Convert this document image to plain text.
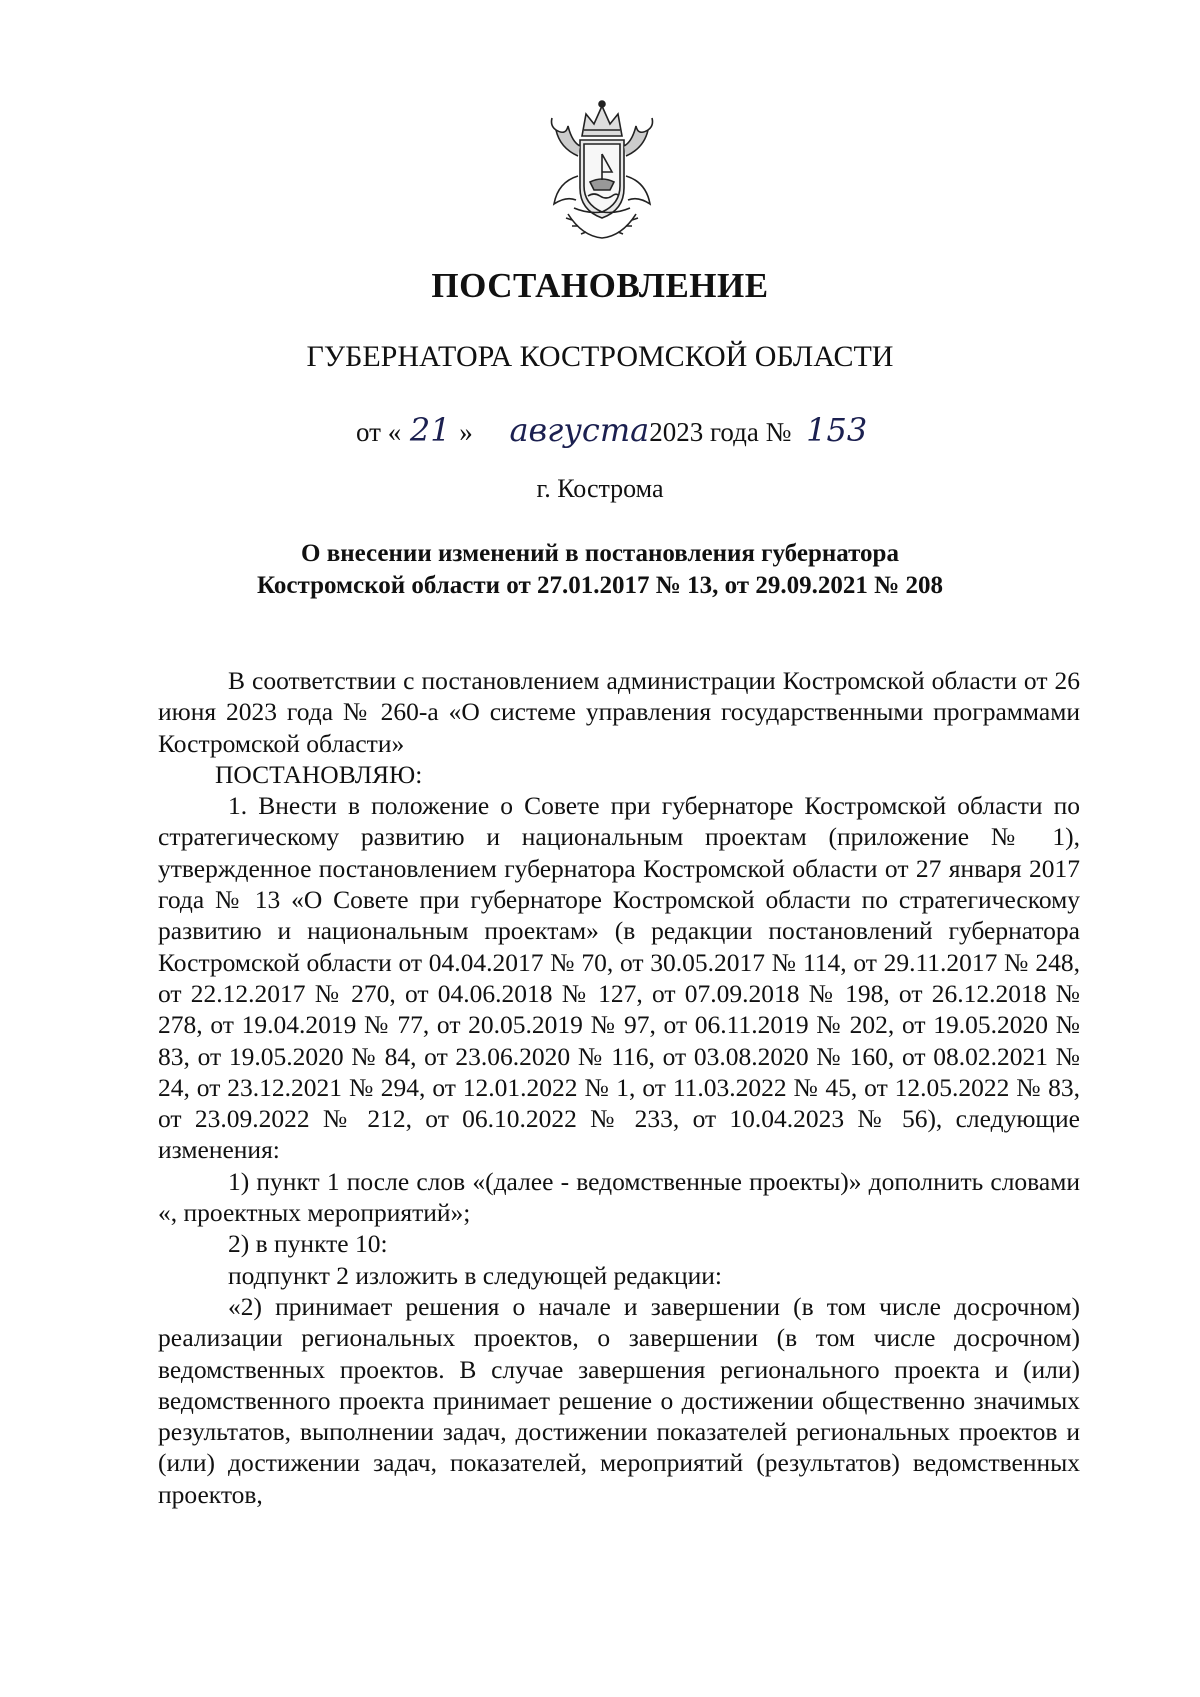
ПОСТАНОВЛЕНИЕ
ГУБЕРНАТОРА КОСТРОМСКОЙ ОБЛАСТИ
от « 21 » августа2023 года № 153
г. Кострома
О внесении изменений в постановления губернатора
Костромской области от 27.01.2017 № 13, от 29.09.2021 № 208

В соответствии с постановлением администрации Костромской области от 26 июня 2023 года № 260-а «О системе управления государственными программами Костромской области»

ПОСТАНОВЛЯЮ:

1. Внести в положение о Совете при губернаторе Костромской области по стратегическому развитию и национальным проектам (приложение № 1), утвержденное постановлением губернатора Костромской области от 27 января 2017 года № 13 «О Совете при губернаторе Костромской области по стратегическому развитию и национальным проектам» (в редакции постановлений губернатора Костромской области от 04.04.2017 № 70, от 30.05.2017 № 114, от 29.11.2017 № 248, от 22.12.2017 № 270, от 04.06.2018 № 127, от 07.09.2018 № 198, от 26.12.2018 № 278, от 19.04.2019 № 77, от 20.05.2019 № 97, от 06.11.2019 № 202, от 19.05.2020 № 83, от 19.05.2020 № 84, от 23.06.2020 № 116, от 03.08.2020 № 160, от 08.02.2021 № 24, от 23.12.2021 № 294, от 12.01.2022 № 1, от 11.03.2022 № 45, от 12.05.2022 № 83, от 23.09.2022 № 212, от 06.10.2022 № 233, от 10.04.2023 № 56), следующие изменения:

1) пункт 1 после слов «(далее - ведомственные проекты)» дополнить словами «, проектных мероприятий»;

2) в пункте 10:

подпункт 2 изложить в следующей редакции:

«2) принимает решения о начале и завершении (в том числе досрочном) реализации региональных проектов, о завершении (в том числе досрочном) ведомственных проектов. В случае завершения регионального проекта и (или) ведомственного проекта принимает решение о достижении общественно значимых результатов, выполнении задач, достижении показателей региональных проектов и (или) достижении задач, показателей, мероприятий (результатов) ведомственных проектов,
